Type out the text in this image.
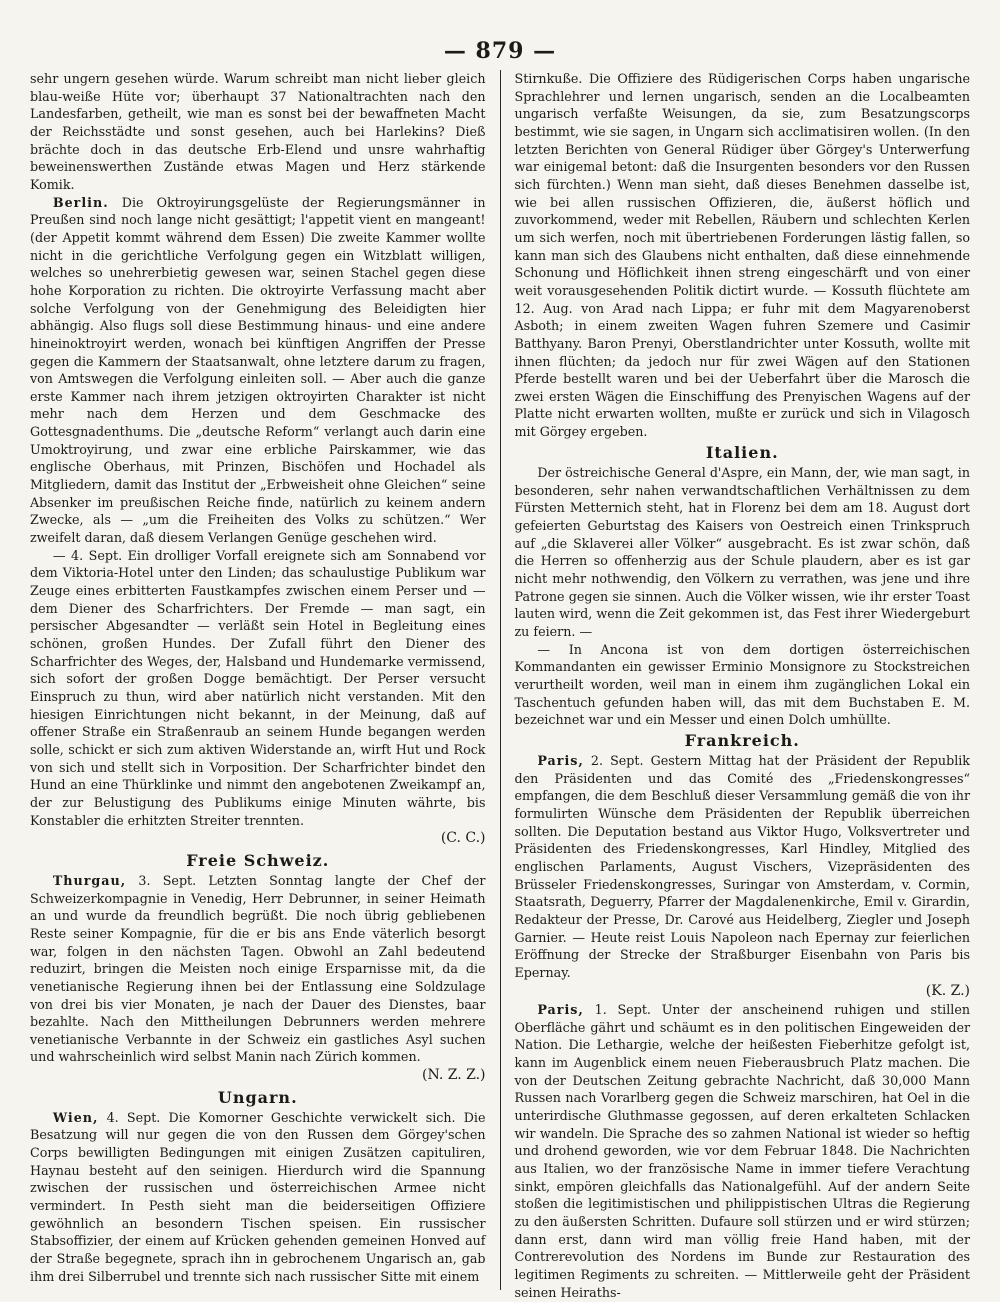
— 879 —

sehr ungern gesehen würde. Warum schreibt man nicht lieber gleich blau-weiße Hüte vor; überhaupt 37 Nationaltrachten nach den Landesfarben, getheilt, wie man es sonst bei der bewaffneten Macht der Reichsstädte und sonst gesehen, auch bei Harlekins? Dieß brächte doch in das deutsche Erb-Elend und unsre wahrhaftig beweinenswerthen Zustände etwas Magen und Herz stärkende Komik.

Berlin. Die Oktroyirungsgelüste der Regierungsmänner in Preußen sind noch lange nicht gesättigt; l'appetit vient en mangeant! (der Appetit kommt während dem Essen) Die zweite Kammer wollte nicht in die gerichtliche Verfolgung gegen ein Witzblatt willigen, welches so unehrerbietig gewesen war, seinen Stachel gegen diese hohe Korporation zu richten. Die oktroyirte Verfassung macht aber solche Verfolgung von der Genehmigung des Beleidigten hier abhängig. Also flugs soll diese Bestimmung hinaus- und eine andere hineinoktroyirt werden, wonach bei künftigen Angriffen der Presse gegen die Kammern der Staatsanwalt, ohne letztere darum zu fragen, von Amtswegen die Verfolgung einleiten soll. — Aber auch die ganze erste Kammer nach ihrem jetzigen oktroyirten Charakter ist nicht mehr nach dem Herzen und dem Geschmacke des Gottesgnadenthums. Die „deutsche Reform“ verlangt auch darin eine Umoktroyirung, und zwar eine erbliche Pairskammer, wie das englische Oberhaus, mit Prinzen, Bischöfen und Hochadel als Mitgliedern, damit das Institut der „Erbweisheit ohne Gleichen“ seine Absenker im preußischen Reiche finde, natürlich zu keinem andern Zwecke, als — „um die Freiheiten des Volks zu schützen.“ Wer zweifelt daran, daß diesem Verlangen Genüge geschehen wird.

— 4. Sept. Ein drolliger Vorfall ereignete sich am Sonnabend vor dem Viktoria-Hotel unter den Linden; das schaulustige Publikum war Zeuge eines erbitterten Faustkampfes zwischen einem Perser und — dem Diener des Scharfrichters. Der Fremde — man sagt, ein persischer Abgesandter — verläßt sein Hotel in Begleitung eines schönen, großen Hundes. Der Zufall führt den Diener des Scharfrichter des Weges, der, Halsband und Hundemarke vermissend, sich sofort der großen Dogge bemächtigt. Der Perser versucht Einspruch zu thun, wird aber natürlich nicht verstanden. Mit den hiesigen Einrichtungen nicht bekannt, in der Meinung, daß auf offener Straße ein Straßenraub an seinem Hunde begangen werden solle, schickt er sich zum aktiven Widerstande an, wirft Hut und Rock von sich und stellt sich in Vorposition. Der Scharfrichter bindet den Hund an eine Thürklinke und nimmt den angebotenen Zweikampf an, der zur Belustigung des Publikums einige Minuten währte, bis Konstabler die erhitzten Streiter trennten.

(C. C.)
Freie Schweiz.

Thurgau, 3. Sept. Letzten Sonntag langte der Chef der Schweizerkompagnie in Venedig, Herr Debrunner, in seiner Heimath an und wurde da freundlich begrüßt. Die noch übrig gebliebenen Reste seiner Kompagnie, für die er bis ans Ende väterlich besorgt war, folgen in den nächsten Tagen. Obwohl an Zahl bedeutend reduzirt, bringen die Meisten noch einige Ersparnisse mit, da die venetianische Regierung ihnen bei der Entlassung eine Soldzulage von drei bis vier Monaten, je nach der Dauer des Dienstes, baar bezahlte. Nach den Mittheilungen Debrunners werden mehrere venetianische Verbannte in der Schweiz ein gastliches Asyl suchen und wahrscheinlich wird selbst Manin nach Zürich kommen.

(N. Z. Z.)
Ungarn.

Wien, 4. Sept. Die Komorner Geschichte verwickelt sich. Die Besatzung will nur gegen die von den Russen dem Görgey'schen Corps bewilligten Bedingungen mit einigen Zusätzen capituliren, Haynau besteht auf den seinigen. Hierdurch wird die Spannung zwischen der russischen und österreichischen Armee nicht vermindert. In Pesth sieht man die beiderseitigen Offiziere gewöhnlich an besondern Tischen speisen. Ein russischer Stabsoffizier, der einem auf Krücken gehenden gemeinen Honved auf der Straße begegnete, sprach ihn in gebrochenem Ungarisch an, gab ihm drei Silberrubel und trennte sich nach russischer Sitte mit einem

Stirnkuße. Die Offiziere des Rüdigerischen Corps haben ungarische Sprachlehrer und lernen ungarisch, senden an die Localbeamten ungarisch verfaßte Weisungen, da sie, zum Besatzungscorps bestimmt, wie sie sagen, in Ungarn sich acclimatisiren wollen. (In den letzten Berichten von General Rüdiger über Görgey's Unterwerfung war einigemal betont: daß die Insurgenten besonders vor den Russen sich fürchten.) Wenn man sieht, daß dieses Benehmen dasselbe ist, wie bei allen russischen Offizieren, die, äußerst höflich und zuvorkommend, weder mit Rebellen, Räubern und schlechten Kerlen um sich werfen, noch mit übertriebenen Forderungen lästig fallen, so kann man sich des Glaubens nicht enthalten, daß diese einnehmende Schonung und Höflichkeit ihnen streng eingeschärft und von einer weit vorausgesehenden Politik dictirt wurde. — Kossuth flüchtete am 12. Aug. von Arad nach Lippa; er fuhr mit dem Magyarenoberst Asboth; in einem zweiten Wagen fuhren Szemere und Casimir Batthyany. Baron Prenyi, Oberstlandrichter unter Kossuth, wollte mit ihnen flüchten; da jedoch nur für zwei Wägen auf den Stationen Pferde bestellt waren und bei der Ueberfahrt über die Marosch die zwei ersten Wägen die Einschiffung des Prenyischen Wagens auf der Platte nicht erwarten wollten, mußte er zurück und sich in Vilagosch mit Görgey ergeben.

Italien.

Der östreichische General d'Aspre, ein Mann, der, wie man sagt, in besonderen, sehr nahen verwandtschaftlichen Verhältnissen zu dem Fürsten Metternich steht, hat in Florenz bei dem am 18. August dort gefeierten Geburtstag des Kaisers von Oestreich einen Trinkspruch auf „die Sklaverei aller Völker“ ausgebracht. Es ist zwar schön, daß die Herren so offenherzig aus der Schule plaudern, aber es ist gar nicht mehr nothwendig, den Völkern zu verrathen, was jene und ihre Patrone gegen sie sinnen. Auch die Völker wissen, wie ihr erster Toast lauten wird, wenn die Zeit gekommen ist, das Fest ihrer Wiedergeburt zu feiern. —

— In Ancona ist von dem dortigen österreichischen Kommandanten ein gewisser Erminio Monsignore zu Stockstreichen verurtheilt worden, weil man in einem ihm zugänglichen Lokal ein Taschentuch gefunden haben will, das mit dem Buchstaben E. M. bezeichnet war und ein Messer und einen Dolch umhüllte.

Frankreich.

Paris, 2. Sept. Gestern Mittag hat der Präsident der Republik den Präsidenten und das Comité des „Friedenskongresses“ empfangen, die dem Beschluß dieser Versammlung gemäß die von ihr formulirten Wünsche dem Präsidenten der Republik überreichen sollten. Die Deputation bestand aus Viktor Hugo, Volksvertreter und Präsidenten des Friedenskongresses, Karl Hindley, Mitglied des englischen Parlaments, August Vischers, Vizepräsidenten des Brüsseler Friedenskongresses, Suringar von Amsterdam, v. Cormin, Staatsrath, Deguerry, Pfarrer der Magdalenenkirche, Emil v. Girardin, Redakteur der Presse, Dr. Carové aus Heidelberg, Ziegler und Joseph Garnier. — Heute reist Louis Napoleon nach Epernay zur feierlichen Eröffnung der Strecke der Straßburger Eisenbahn von Paris bis Epernay.

(K. Z.)

Paris, 1. Sept. Unter der anscheinend ruhigen und stillen Oberfläche gährt und schäumt es in den politischen Eingeweiden der Nation. Die Lethargie, welche der heißesten Fieberhitze gefolgt ist, kann im Augenblick einem neuen Fieberausbruch Platz machen. Die von der Deutschen Zeitung gebrachte Nachricht, daß 30,000 Mann Russen nach Vorarlberg gegen die Schweiz marschiren, hat Oel in die unterirdische Gluthmasse gegossen, auf deren erkalteten Schlacken wir wandeln. Die Sprache des so zahmen National ist wieder so heftig und drohend geworden, wie vor dem Februar 1848. Die Nachrichten aus Italien, wo der französische Name in immer tiefere Verachtung sinkt, empören gleichfalls das Nationalgefühl. Auf der andern Seite stoßen die legitimistischen und philippistischen Ultras die Regierung zu den äußersten Schritten. Dufaure soll stürzen und er wird stürzen; dann erst, dann wird man völlig freie Hand haben, mit der Contrerevolution des Nordens im Bunde zur Restauration des legitimen Regiments zu schreiten. — Mittlerweile geht der Präsident seinen Heiraths-
